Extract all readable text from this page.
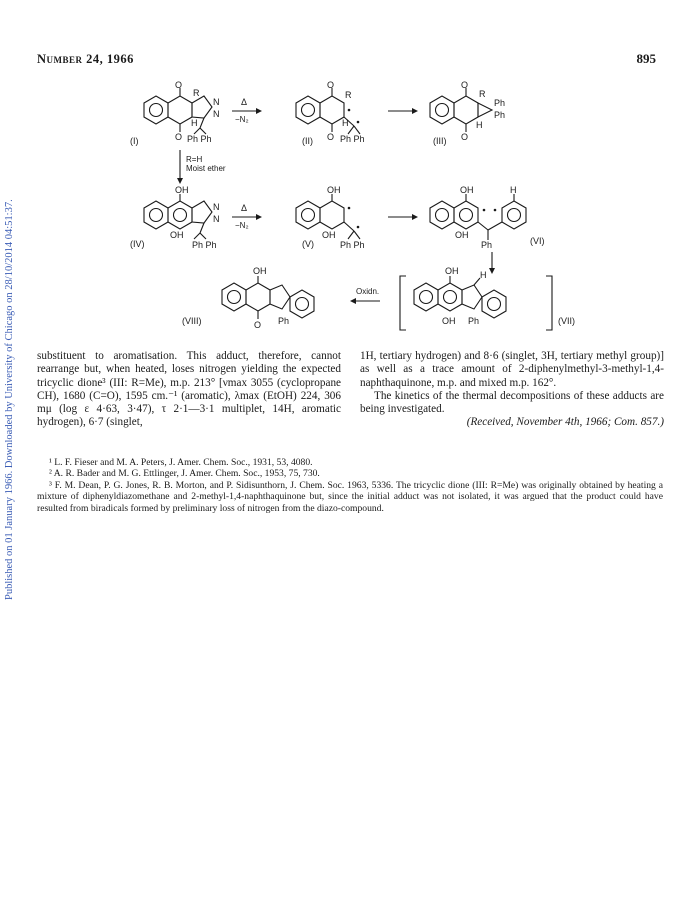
Published on 01 January 1966. Downloaded by University of Chicago on 28/10/2014 04:51:37.
Number 24, 1966	895
O
R
N
N
H
O Ph Ph
(I)
Δ
−N₂
O
R
H
O Ph Ph
(II)
O
R
Ph
Ph
H
O
(III)
R=H
Moist ether
OH
N
N
OH
Ph Ph
(IV)
Δ
−N₂
OH
OH
Ph Ph
(V)
OH	H
OH
Ph	(VI)
OH
O Ph
(VIII)
Oxidn.
OH H
OH Ph	(VII)

substituent to aromatisation. This adduct, therefore, cannot rearrange but, when heated, loses nitrogen yielding the expected tricyclic dione³ (III: R=Me), m.p. 213° [νmax 3055 (cyclopropane CH), 1680 (C=O), 1595 cm.⁻¹ (aromatic), λmax (EtOH) 224, 306 mμ (log ε 4·63, 3·47), τ 2·1—3·1 multiplet, 14H, aromatic hydrogen), 6·7 (singlet,

1H, tertiary hydrogen) and 8·6 (singlet, 3H, tertiary methyl group)] as well as a trace amount of 2-diphenylmethyl-3-methyl-1,4-naphthaquinone, m.p. and mixed m.p. 162°.

The kinetics of the thermal decompositions of these adducts are being investigated.

(Received, November 4th, 1966; Com. 857.)

¹ L. F. Fieser and M. A. Peters, J. Amer. Chem. Soc., 1931, 53, 4080.

² A. R. Bader and M. G. Ettlinger, J. Amer. Chem. Soc., 1953, 75, 730.

³ F. M. Dean, P. G. Jones, R. B. Morton, and P. Sidisunthorn, J. Chem. Soc. 1963, 5336. The tricyclic dione (III: R=Me) was originally obtained by heating a mixture of diphenyldiazomethane and 2-methyl-1,4-naphthaquinone but, since the initial adduct was not isolated, it was argued that the product could have resulted from biradicals formed by preliminary loss of nitrogen from the diazo-compound.
